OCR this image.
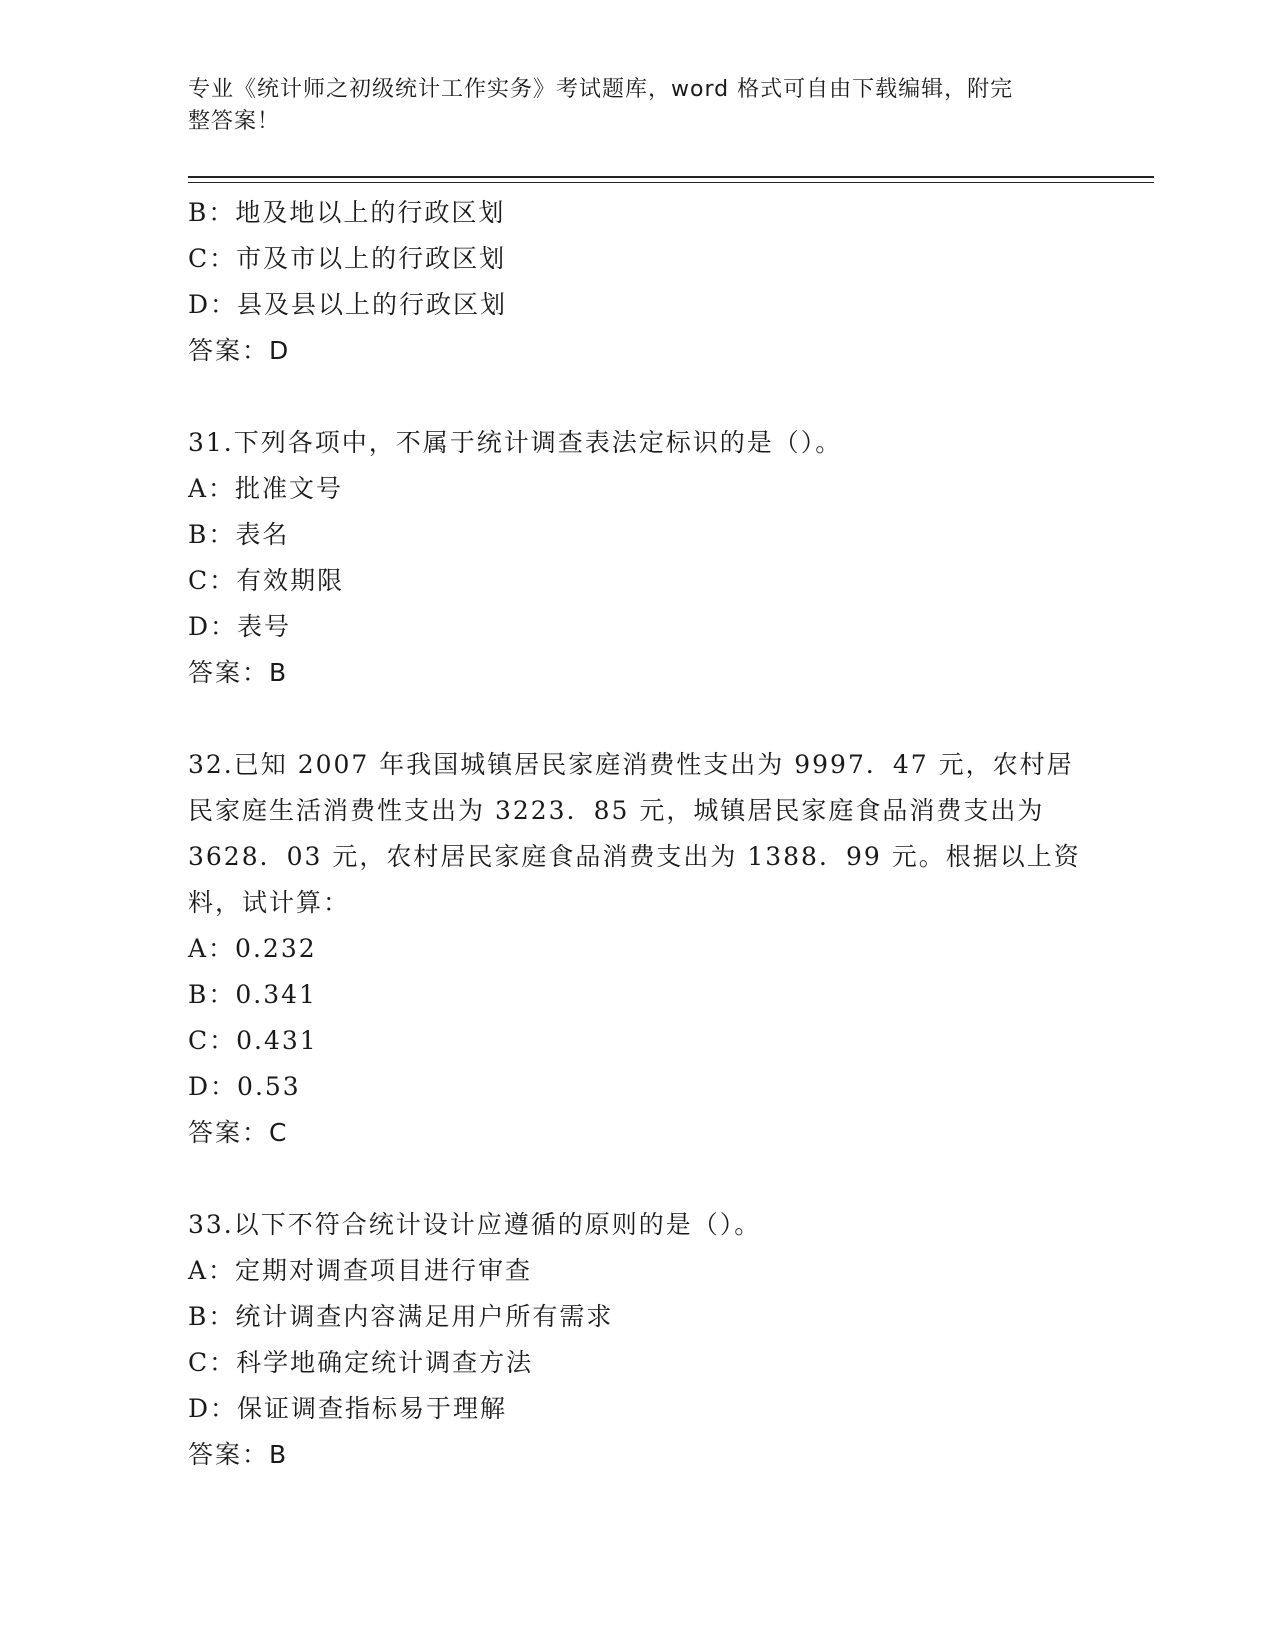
专业《统计师之初级统计工作实务》考试题库，word 格式可自由下载编辑，附完
整答案！
B：地及地以上的行政区划
C：市及市以上的行政区划
D：县及县以上的行政区划
答案：D
31.下列各项中，不属于统计调查表法定标识的是（）。
A：批准文号
B：表名
C：有效期限
D：表号
答案：B
32.已知 2007 年我国城镇居民家庭消费性支出为 9997．47 元，农村居
民家庭生活消费性支出为 3223．85 元，城镇居民家庭食品消费支出为
3628．03 元，农村居民家庭食品消费支出为 1388．99 元。根据以上资
料，试计算：
A：0.232
B：0.341
C：0.431
D：0.53
答案：C
33.以下不符合统计设计应遵循的原则的是（）。
A：定期对调查项目进行审查
B：统计调查内容满足用户所有需求
C：科学地确定统计调查方法
D：保证调查指标易于理解
答案：B
